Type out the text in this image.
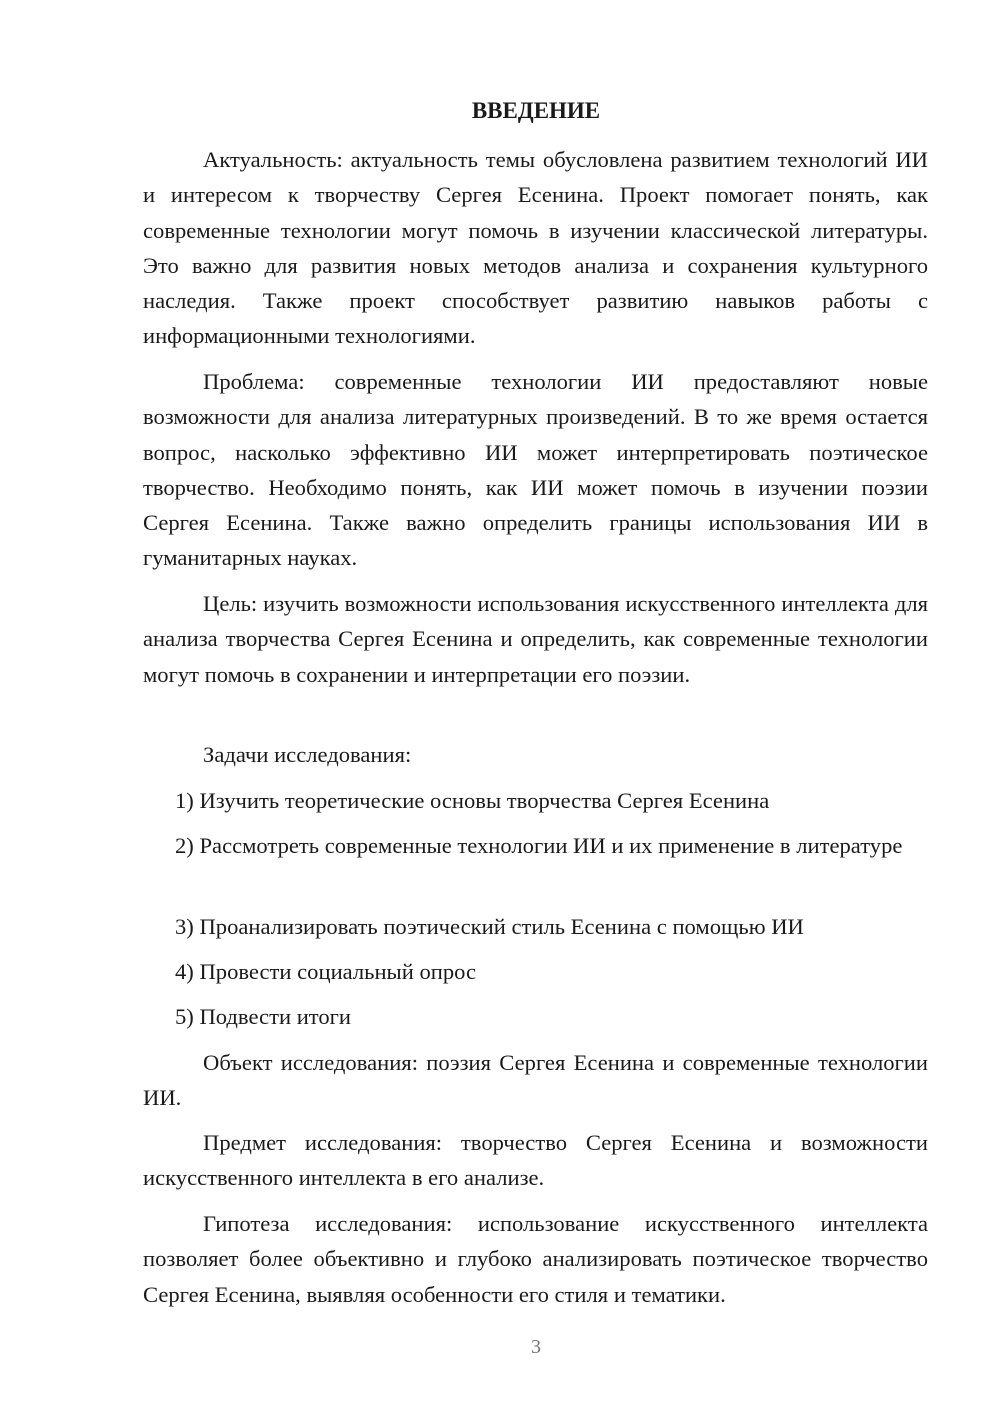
ВВЕДЕНИЕ

Актуальность: актуальность темы обусловлена развитием технологий ИИ и интересом к творчеству Сергея Есенина. Проект помогает понять, как современные технологии могут помочь в изучении классической литературы. Это важно для развития новых методов анализа и сохранения культурного наследия. Также проект способствует развитию навыков работы с информационными технологиями.

Проблема: современные технологии ИИ предоставляют новые возможности для анализа литературных произведений. В то же время остается вопрос, насколько эффективно ИИ может интерпретировать поэтическое творчество. Необходимо понять, как ИИ может помочь в изучении поэзии Сергея Есенина. Также важно определить границы использования ИИ в гуманитарных науках.

Цель: изучить возможности использования искусственного интеллекта для анализа творчества Сергея Есенина и определить, как современные технологии могут помочь в сохранении и интерпретации его поэзии.

Задачи исследования:

1) Изучить теоретические основы творчества Сергея Есенина

2) Рассмотреть современные технологии ИИ и их применение в литературе

3) Проанализировать поэтический стиль Есенина с помощью ИИ

4) Провести социальный опрос

5) Подвести итоги

Объект исследования: поэзия Сергея Есенина и современные технологии ИИ.

Предмет исследования: творчество Сергея Есенина и возможности искусственного интеллекта в его анализе.

Гипотеза исследования: использование искусственного интеллекта позволяет более объективно и глубоко анализировать поэтическое творчество Сергея Есенина, выявляя особенности его стиля и тематики.

3
